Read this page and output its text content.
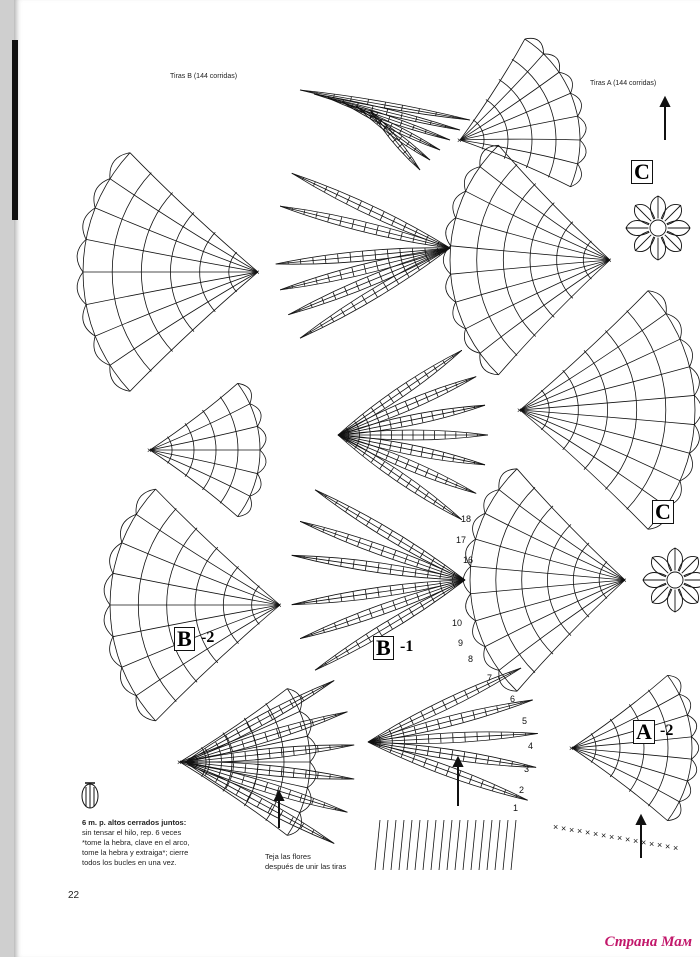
×
×
×
×
×
×
×
×
×
× × × × × × × × × × × × × × × ×
Tiras B (144 corridas)
Tiras A (144 corridas)
C
C
B -2	B -1
A -2
18
17
16
10
9
8
7
6
5
4
3
2
1
6 m. p. altos cerrados juntos:
sin tensar el hilo, rep. 6 veces
*tome la hebra, clave en el arco,
tome la hebra y extraiga*; cierre
todos los bucles en una vez.
Teja las flores
después de unir las tiras
22
Страна Мам
